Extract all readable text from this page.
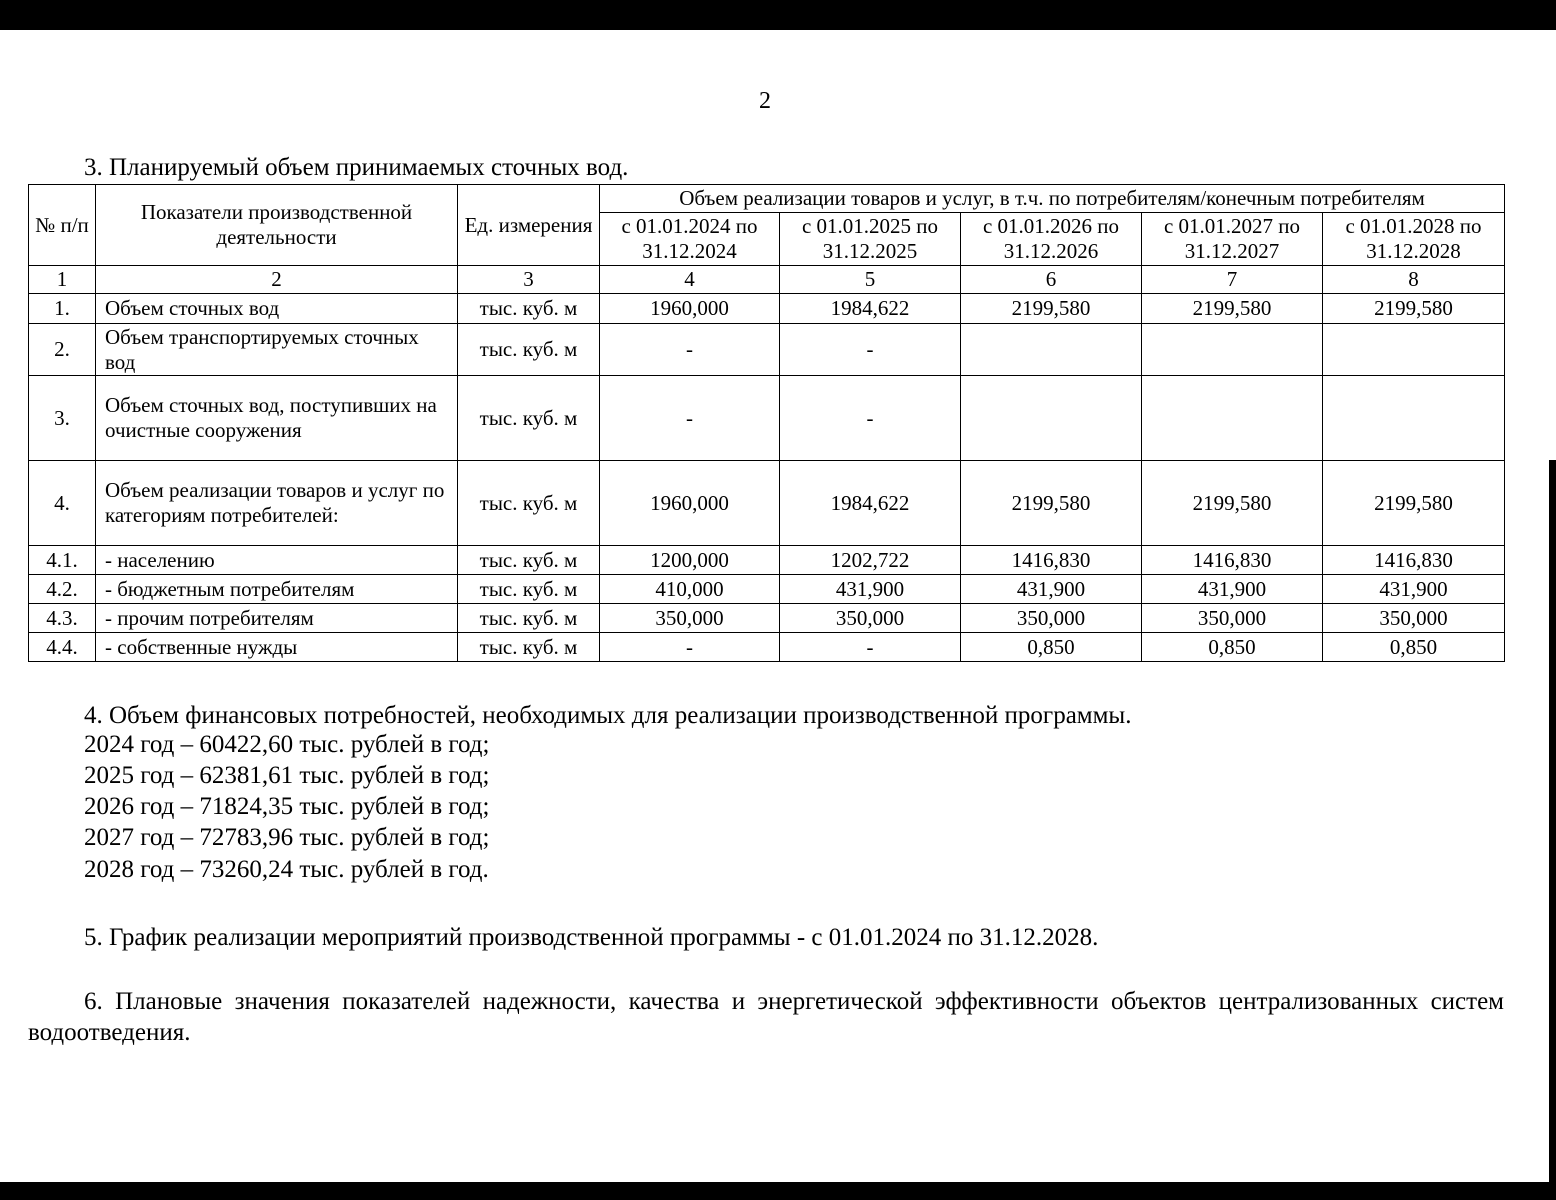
2
3. Планируемый объем принимаемых сточных вод.
№ п/п	Показатели производственной деятельности	Ед. измерения	Объем реализации товаров и услуг, в т.ч. по потребителям/конечным потребителям				
			с 01.01.2024 по 31.12.2024	с 01.01.2025 по 31.12.2025	с 01.01.2026 по 31.12.2026	с 01.01.2027 по 31.12.2027	с 01.01.2028 по 31.12.2028
1	2	3	4	5	6	7	8
1.	Объем сточных вод	тыс. куб. м	1960,000	1984,622	2199,580	2199,580	2199,580
2.	Объем транспортируемых сточных вод	тыс. куб. м	-	-			
3.	Объем сточных вод, поступивших на очистные сооружения	тыс. куб. м	-	-			
4.	Объем реализации товаров и услуг по категориям потребителей:	тыс. куб. м	1960,000	1984,622	2199,580	2199,580	2199,580
4.1.	- населению	тыс. куб. м	1200,000	1202,722	1416,830	1416,830	1416,830
4.2.	- бюджетным потребителям	тыс. куб. м	410,000	431,900	431,900	431,900	431,900
4.3.	- прочим потребителям	тыс. куб. м	350,000	350,000	350,000	350,000	350,000
4.4.	- собственные нужды	тыс. куб. м	-	-	0,850	0,850	0,850
4. Объем финансовых потребностей, необходимых для реализации производственной программы.
2024 год – 60422,60 тыс. рублей в год;
2025 год – 62381,61 тыс. рублей в год;
2026 год – 71824,35 тыс. рублей в год;
2027 год – 72783,96 тыс. рублей в год;
2028 год – 73260,24 тыс. рублей в год.
5. График реализации мероприятий производственной программы - с 01.01.2024 по 31.12.2028.
6. Плановые значения показателей надежности, качества и энергетической эффективности объектов централизованных систем водоотведения.
